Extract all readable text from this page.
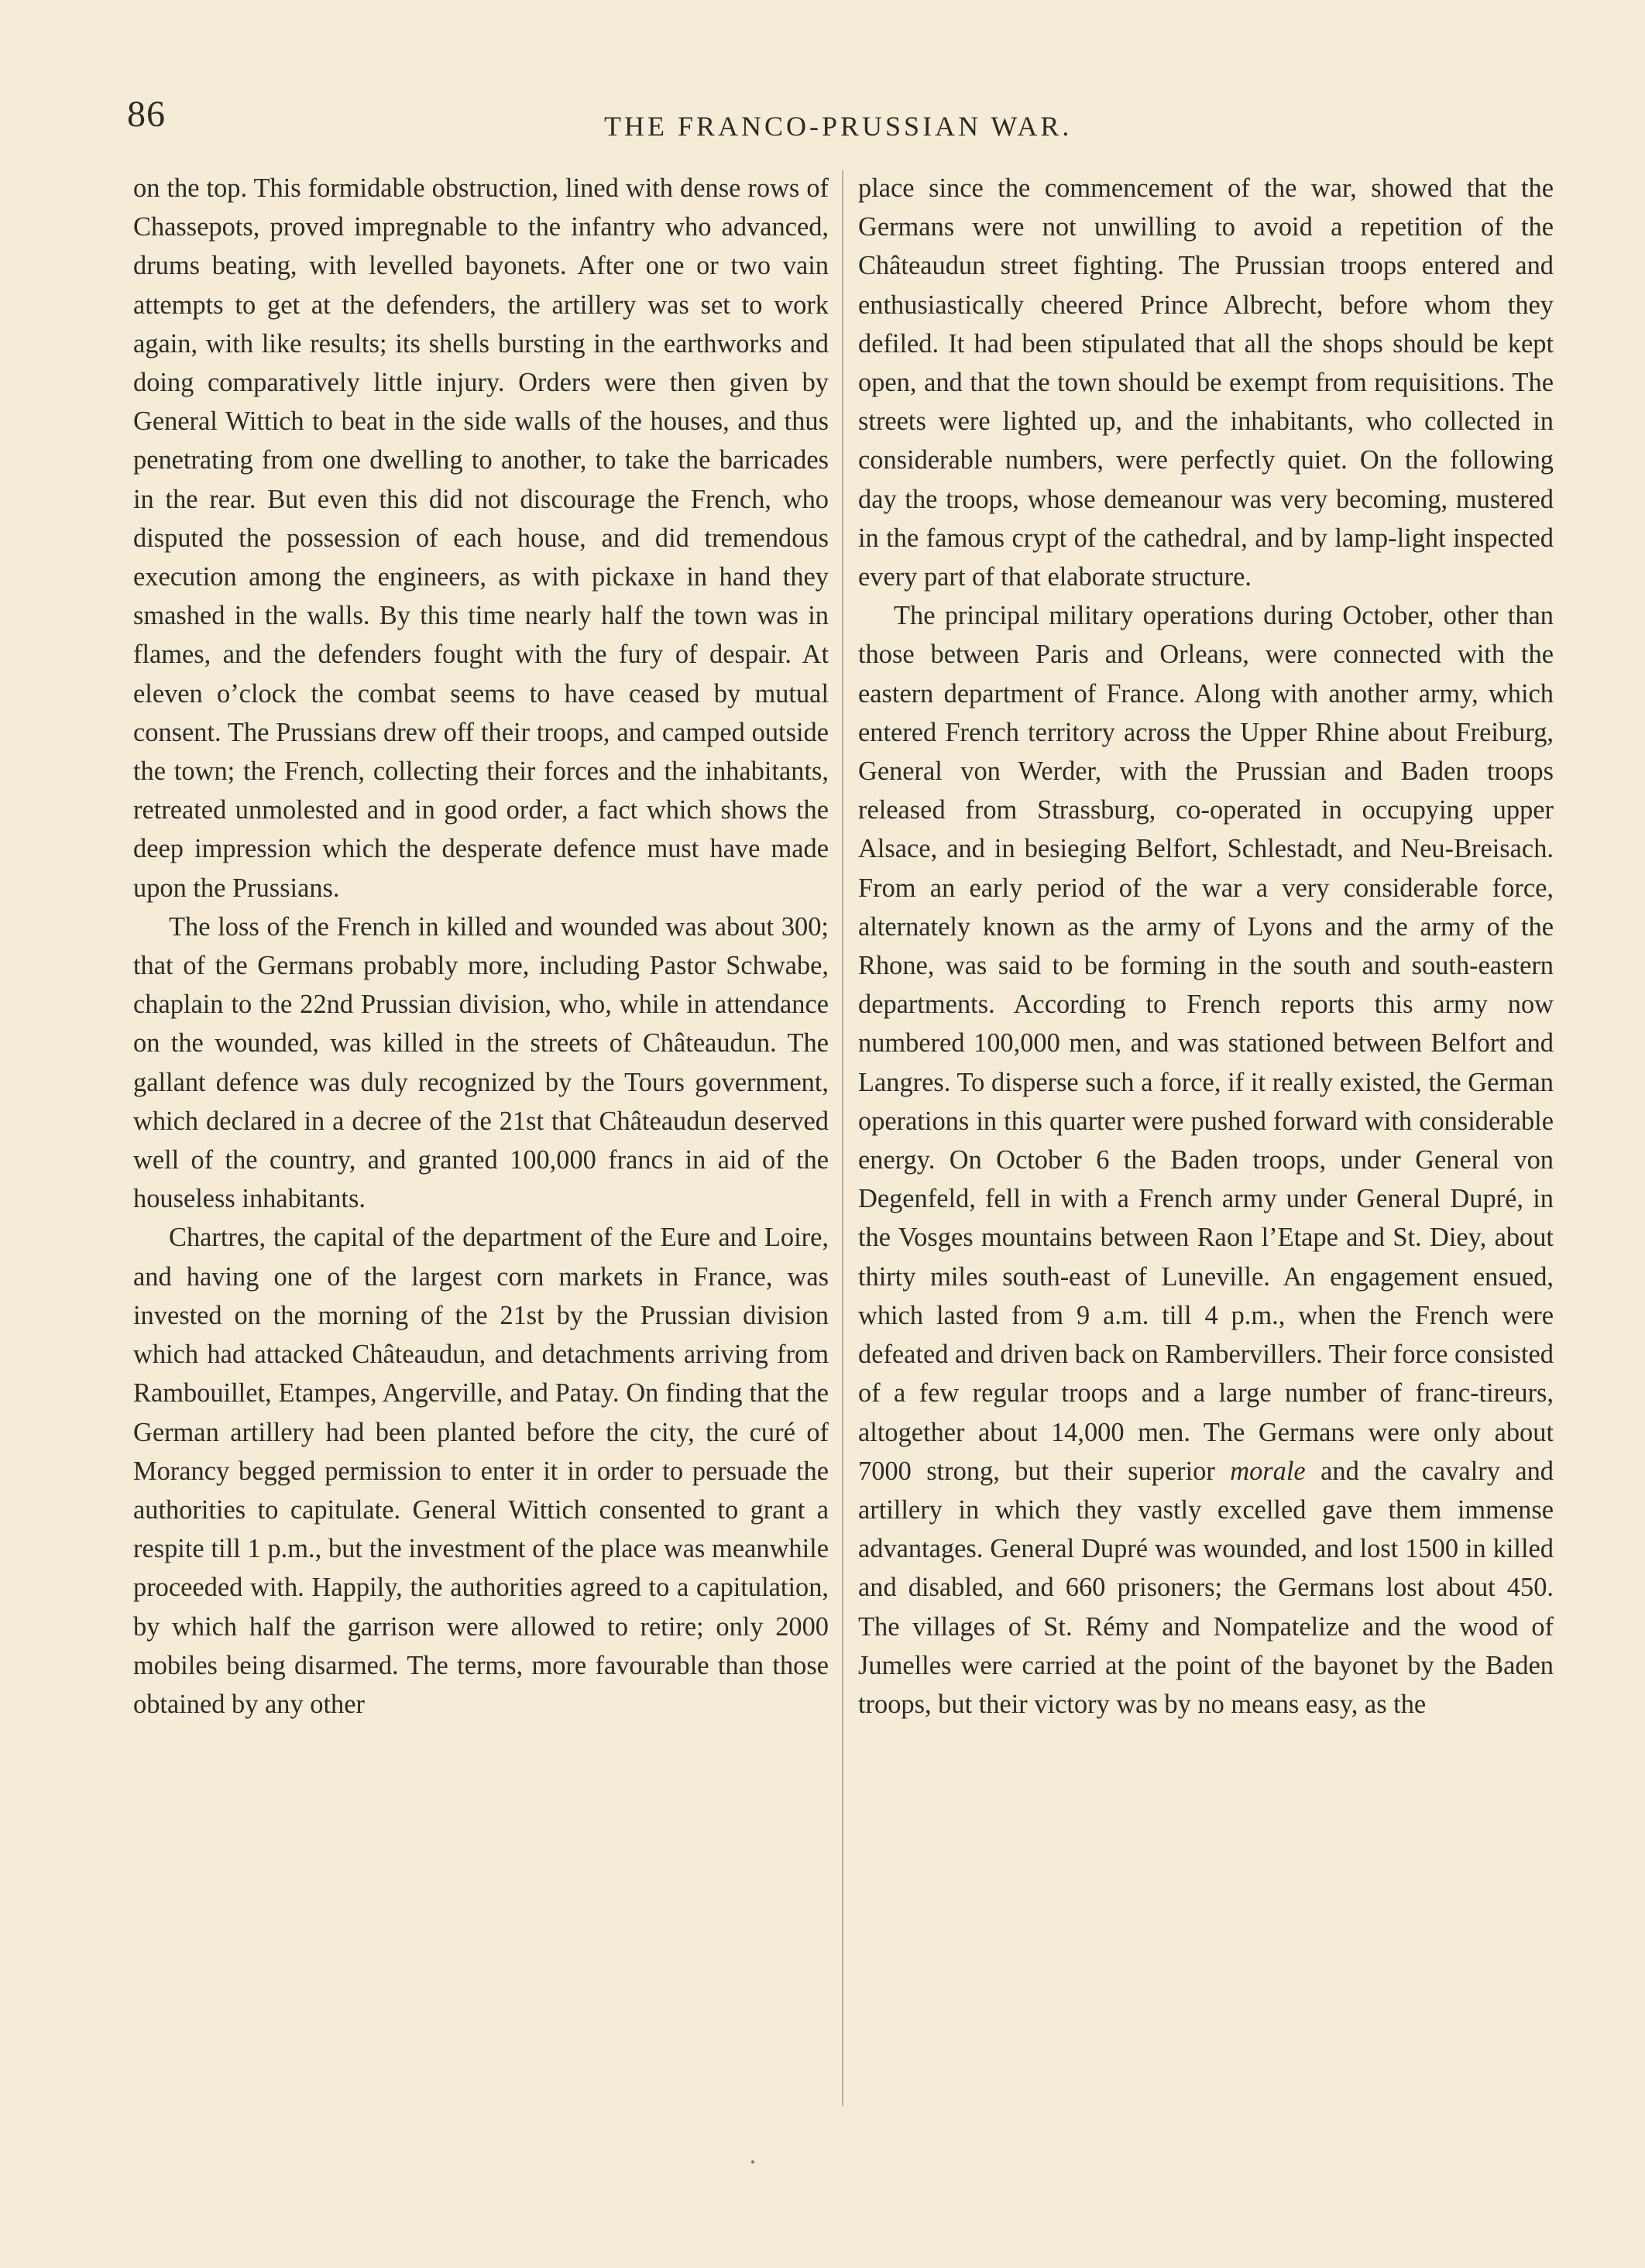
86	THE FRANCO-PRUSSIAN WAR.

on the top. This formidable obstruction, lined with dense rows of Chassepots, proved impregnable to the infantry who advanced, drums beating, with levelled bayonets. After one or two vain attempts to get at the defenders, the artillery was set to work again, with like results; its shells bursting in the earthworks and doing comparatively little injury. Orders were then given by General Wittich to beat in the side walls of the houses, and thus penetrating from one dwelling to another, to take the barricades in the rear. But even this did not discourage the French, who disputed the possession of each house, and did tremendous execution among the engineers, as with pickaxe in hand they smashed in the walls. By this time nearly half the town was in flames, and the defenders fought with the fury of despair. At eleven o’clock the combat seems to have ceased by mutual consent. The Prussians drew off their troops, and camped outside the town; the French, collecting their forces and the inhabitants, retreated unmolested and in good order, a fact which shows the deep impression which the desperate defence must have made upon the Prussians.

The loss of the French in killed and wounded was about 300; that of the Germans probably more, including Pastor Schwabe, chaplain to the 22nd Prussian division, who, while in attendance on the wounded, was killed in the streets of Châteaudun. The gallant defence was duly recognized by the Tours government, which declared in a decree of the 21st that Châteaudun deserved well of the country, and granted 100,000 francs in aid of the houseless inhabitants.

Chartres, the capital of the department of the Eure and Loire, and having one of the largest corn markets in France, was invested on the morning of the 21st by the Prussian division which had attacked Châteaudun, and detachments arriving from Rambouillet, Etampes, Angerville, and Patay. On finding that the German artillery had been planted before the city, the curé of Morancy begged permission to enter it in order to persuade the authorities to capitulate. General Wittich consented to grant a respite till 1 p.m., but the investment of the place was meanwhile proceeded with. Happily, the authorities agreed to a capitulation, by which half the garrison were allowed to retire; only 2000 mobiles being disarmed. The terms, more favourable than those obtained by any other

place since the commencement of the war, showed that the Germans were not unwilling to avoid a repetition of the Châteaudun street fighting. The Prussian troops entered and enthusiastically cheered Prince Albrecht, before whom they defiled. It had been stipulated that all the shops should be kept open, and that the town should be exempt from requisitions. The streets were lighted up, and the inhabitants, who collected in considerable numbers, were perfectly quiet. On the following day the troops, whose demeanour was very becoming, mustered in the famous crypt of the cathedral, and by lamp-light inspected every part of that elaborate structure.

The principal military operations during October, other than those between Paris and Orleans, were connected with the eastern department of France. Along with another army, which entered French territory across the Upper Rhine about Freiburg, General von Werder, with the Prussian and Baden troops released from Strassburg, co-operated in occupying upper Alsace, and in besieging Belfort, Schlestadt, and Neu-Breisach. From an early period of the war a very considerable force, alternately known as the army of Lyons and the army of the Rhone, was said to be forming in the south and south-eastern departments. According to French reports this army now numbered 100,000 men, and was stationed between Belfort and Langres. To disperse such a force, if it really existed, the German operations in this quarter were pushed forward with considerable energy. On October 6 the Baden troops, under General von Degenfeld, fell in with a French army under General Dupré, in the Vosges mountains between Raon l’Etape and St. Diey, about thirty miles south-east of Luneville. An engagement ensued, which lasted from 9 a.m. till 4 p.m., when the French were defeated and driven back on Rambervillers. Their force consisted of a few regular troops and a large number of franc-tireurs, altogether about 14,000 men. The Germans were only about 7000 strong, but their superior morale and the cavalry and artillery in which they vastly excelled gave them immense advantages. General Dupré was wounded, and lost 1500 in killed and disabled, and 660 prisoners; the Germans lost about 450. The villages of St. Rémy and Nompatelize and the wood of Jumelles were carried at the point of the bayonet by the Baden troops, but their victory was by no means easy, as the
